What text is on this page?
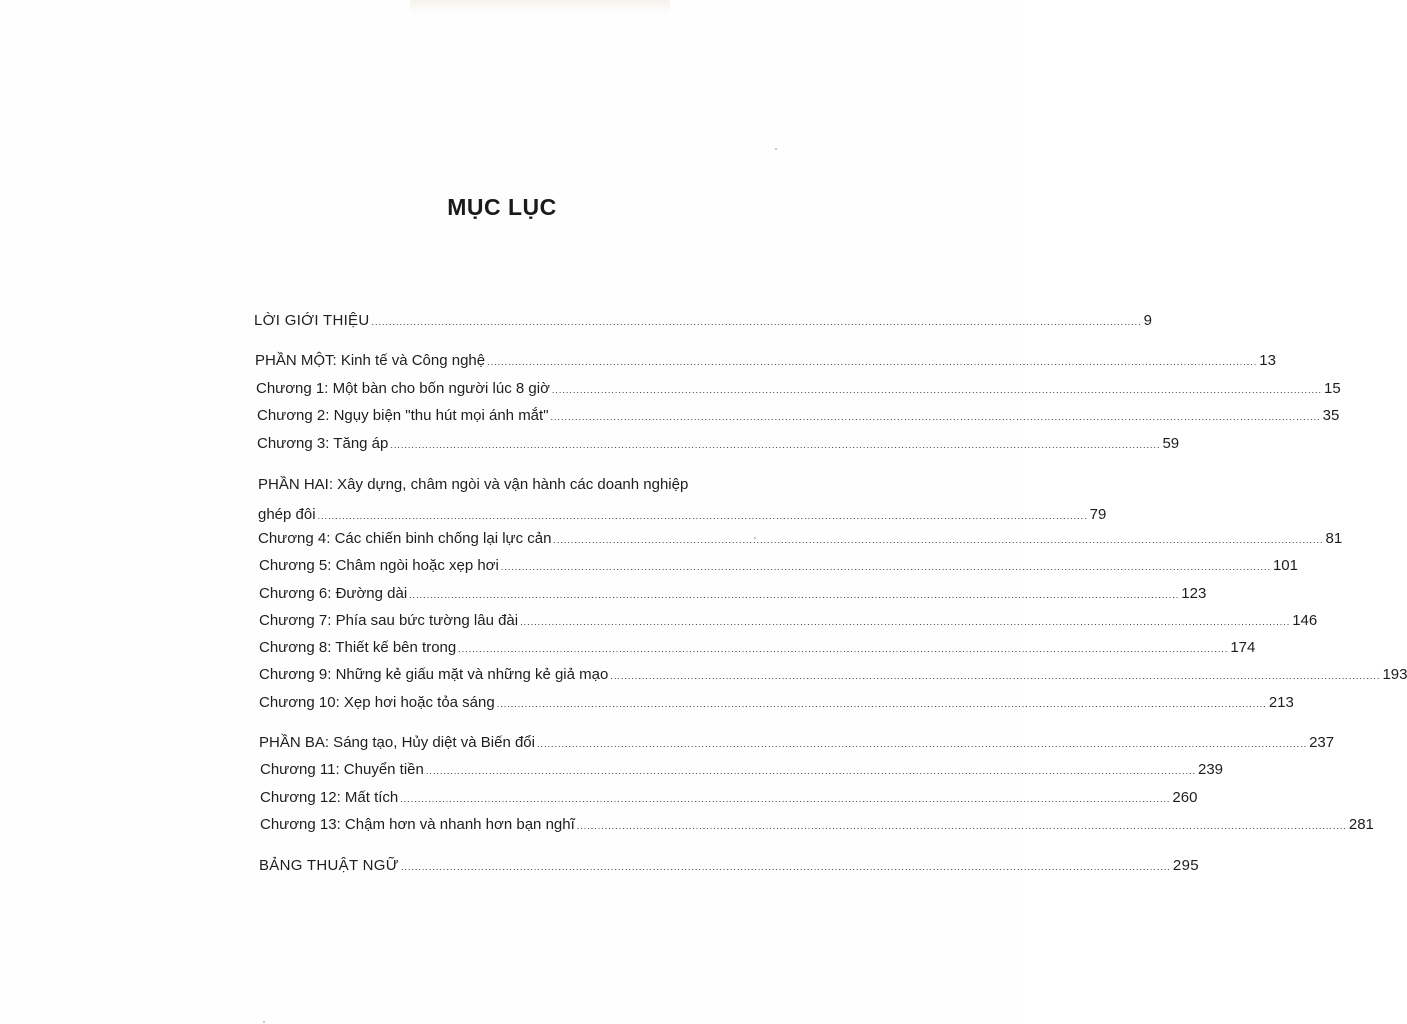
MỤC LỤC
LỜI GIỚI THIỆU ............................................................................................................................................................................................................................ 9
PHẦN MỘT: Kinh tế và Công nghệ ............................................................................................................................................................................................................................ 13
Chương 1: Một bàn cho bốn người lúc 8 giờ ............................................................................................................................................................................................................................ 15
Chương 2: Ngụy biện "thu hút mọi ánh mắt" ............................................................................................................................................................................................................................ 35
Chương 3: Tăng áp ............................................................................................................................................................................................................................ 59
PHẦN HAI: Xây dựng, châm ngòi và vận hành các doanh nghiệp
ghép đôi ............................................................................................................................................................................................................................ 79
Chương 4: Các chiến binh chống lại lực cản ............................................................................................................................................................................................................................ 81
Chương 5: Châm ngòi hoặc xẹp hơi ............................................................................................................................................................................................................................ 101
Chương 6: Đường dài ............................................................................................................................................................................................................................ 123
Chương 7: Phía sau bức tường lâu đài ............................................................................................................................................................................................................................ 146
Chương 8: Thiết kế bên trong ............................................................................................................................................................................................................................ 174
Chương 9: Những kẻ giấu mặt và những kẻ giả mạo ............................................................................................................................................................................................................................ 193
Chương 10: Xẹp hơi hoặc tỏa sáng ............................................................................................................................................................................................................................ 213
PHẦN BA: Sáng tạo, Hủy diệt và Biến đổi ............................................................................................................................................................................................................................ 237
Chương 11: Chuyển tiền ............................................................................................................................................................................................................................ 239
Chương 12: Mất tích ............................................................................................................................................................................................................................ 260
Chương 13: Chậm hơn và nhanh hơn bạn nghĩ ............................................................................................................................................................................................................................ 281
BẢNG THUẬT NGỮ ............................................................................................................................................................................................................................ 295
